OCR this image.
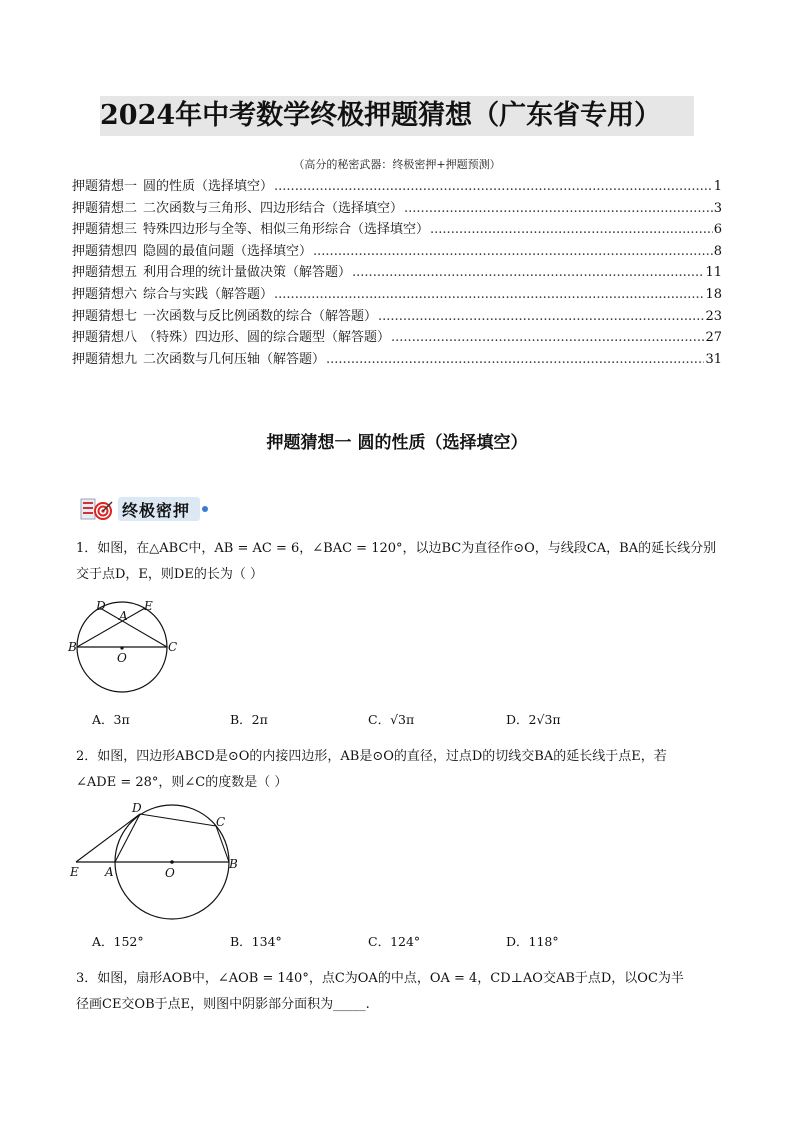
2024年中考数学终极押题猜想（广东省专用）
（高分的秘密武器：终极密押+押题预测）
押题猜想一 圆的性质（选择填空） .....	1
押题猜想二 二次函数与三角形、四边形结合（选择填空） .....	3
押题猜想三 特殊四边形与全等、相似三角形综合（选择填空） .....	6
押题猜想四 隐圆的最值问题（选择填空） .....	8
押题猜想五 利用合理的统计量做决策（解答题） .....	11
押题猜想六 综合与实践（解答题） .....	18
押题猜想七 一次函数与反比例函数的综合（解答题） .....	23
押题猜想八 （特殊）四边形、圆的综合题型（解答题） .....	27
押题猜想九 二次函数与几何压轴（解答题） .....	31
押题猜想一 圆的性质（选择填空）
终极密押
1．如图，在△ABC中，AB = AC = 6，∠BAC = 120°，以边BC为直径作⊙O，与线段CA，BA的延长线分别
交于点D，E，则DE的长为（ ）
D	E
A
B	C
O
A．3π	B．2π	C．√3π	D．2√3π
2．如图，四边形ABCD是⊙O的内接四边形，AB是⊙O的直径，过点D的切线交BA的延长线于点E，若
∠ADE = 28°，则∠C的度数是（ ）
D
C
E A	O
B
A．152°	B．134°	C．124°	D．118°
3．如图，扇形AOB中，∠AOB = 140°，点C为OA的中点，OA = 4，CD⊥AO交AB于点D，以OC为半
径画CE交OB于点E，则图中阴影部分面积为_____.
